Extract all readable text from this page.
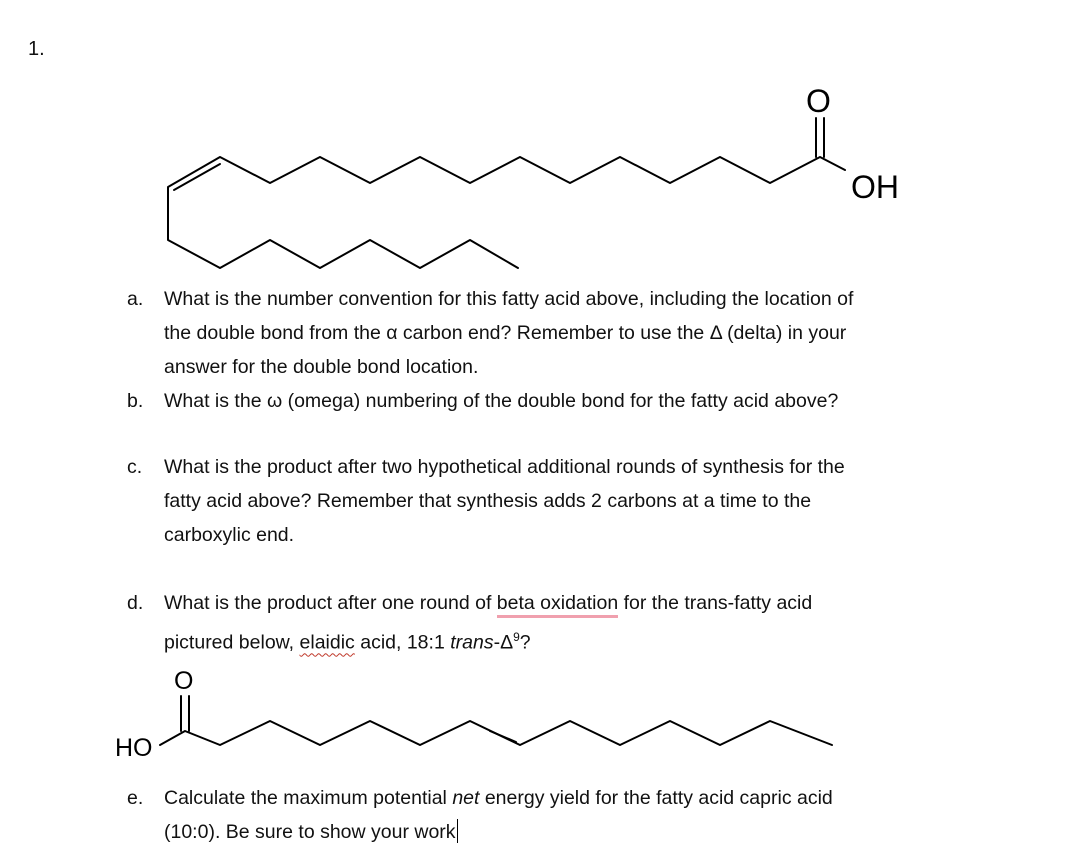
1.
O
OH
a.	What is the number convention for this fatty acid above, including the location of
the double bond from the α carbon end? Remember to use the Δ (delta) in your
answer for the double bond location.
b.	What is the ω (omega) numbering of the double bond for the fatty acid above?
c.	What is the product after two hypothetical additional rounds of synthesis for the
fatty acid above? Remember that synthesis adds 2 carbons at a time to the
carboxylic end.
d.	What is the product after one round of beta oxidation for the trans-fatty acid
pictured below, elaidic acid, 18:1 trans-$\Delta^9$?
O
HO
e.	Calculate the maximum potential net energy yield for the fatty acid capric acid
(10:0). Be sure to show your work
